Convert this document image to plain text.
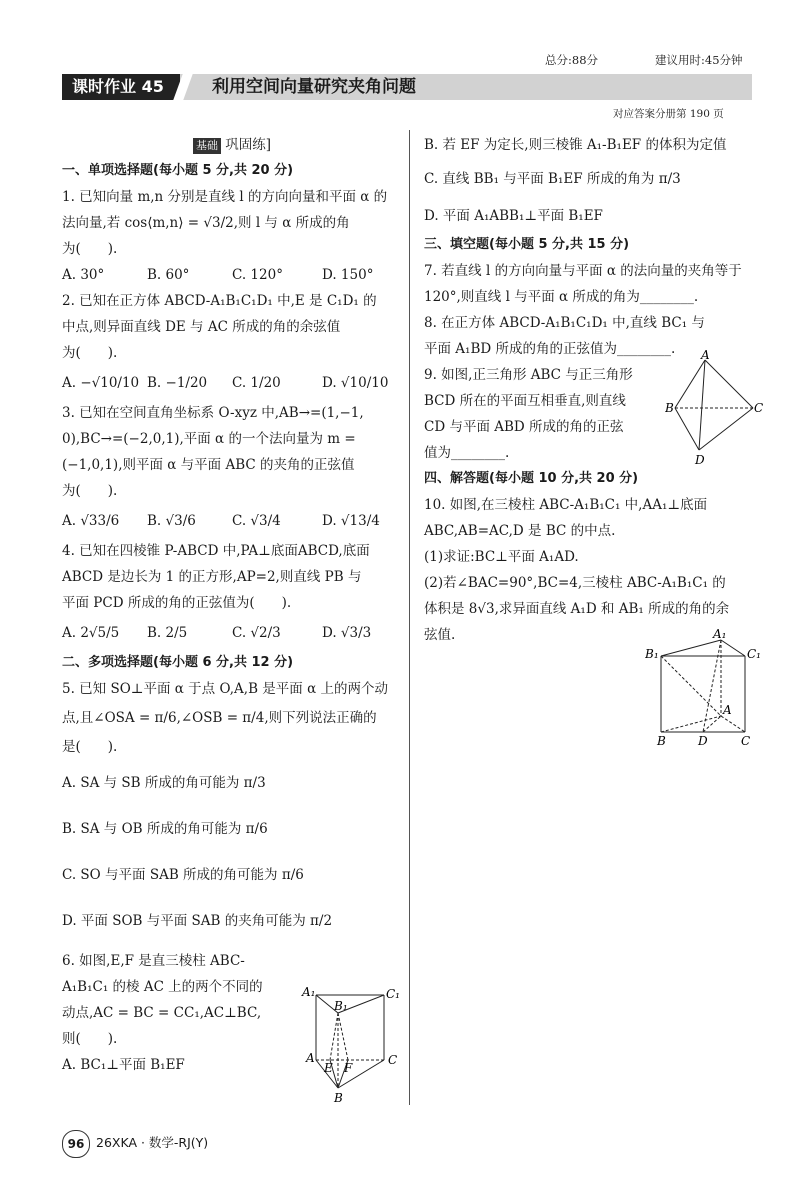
总分:88分	建议用时:45分钟
课时作业 45	利用空间向量研究夹角问题
对应答案分册第 190 页
基础 巩固练]
一、单项选择题(每小题 5 分,共 20 分)
1. 已知向量 m,n 分别是直线 l 的方向向量和平面 α 的
法向量,若 cos⟨m,n⟩ = √3/2,则 l 与 α 所成的角
为(　　).
A. 30°	B. 60°	C. 120°	D. 150°
2. 已知在正方体 ABCD-A₁B₁C₁D₁ 中,E 是 C₁D₁ 的
中点,则异面直线 DE 与 AC 所成的角的余弦值
为(　　).
A. −√10/10 B. −1/20 C. 1/20	D. √10/10
3. 已知在空间直角坐标系 O-xyz 中,AB→=(1,−1,
0),BC→=(−2,0,1),平面 α 的一个法向量为 m =
(−1,0,1),则平面 α 与平面 ABC 的夹角的正弦值
为(　　).
A. √33/6 B. √3/6	C. √3/4	D. √13/4
4. 已知在四棱锥 P-ABCD 中,PA⊥底面ABCD,底面
ABCD 是边长为 1 的正方形,AP=2,则直线 PB 与
平面 PCD 所成的角的正弦值为(　　).
A. 2√5/5 B. 2/5	C. √2/3	D. √3/3
二、多项选择题(每小题 6 分,共 12 分)
5. 已知 SO⊥平面 α 于点 O,A,B 是平面 α 上的两个动
点,且∠OSA = π/6,∠OSB = π/4,则下列说法正确的
是(　　).
A. SA 与 SB 所成的角可能为 π/3
B. SA 与 OB 所成的角可能为 π/6
C. SO 与平面 SAB 所成的角可能为 π/6
D. 平面 SOB 与平面 SAB 的夹角可能为 π/2
6. 如图,E,F 是直三棱柱 ABC-
A₁B₁C₁ 的棱 AC 上的两个不同的
动点,AC = BC = CC₁,AC⊥BC,
则(　　).
A. BC₁⊥平面 B₁EF
A₁	C₁
B₁
A
E F
C
B
B. 若 EF 为定长,则三棱锥 A₁-B₁EF 的体积为定值
C. 直线 BB₁ 与平面 B₁EF 所成的角为 π/3
D. 平面 A₁ABB₁⊥平面 B₁EF
三、填空题(每小题 5 分,共 15 分)
7. 若直线 l 的方向向量与平面 α 的法向量的夹角等于
120°,则直线 l 与平面 α 所成的角为________.
8. 在正方体 ABCD-A₁B₁C₁D₁ 中,直线 BC₁ 与
平面 A₁BD 所成的角的正弦值为________.
9. 如图,正三角形 ABC 与正三角形
BCD 所在的平面互相垂直,则直线
CD 与平面 ABD 所成的角的正弦
值为________.
四、解答题(每小题 10 分,共 20 分)
10. 如图,在三棱柱 ABC-A₁B₁C₁ 中,AA₁⊥底面
ABC,AB=AC,D 是 BC 的中点.
(1)求证:BC⊥平面 A₁AD.
(2)若∠BAC=90°,BC=4,三棱柱 ABC-A₁B₁C₁ 的
体积是 8√3,求异面直线 A₁D 和 AB₁ 所成的角的余
弦值.
A
B	C
D
A₁
B₁	C₁
A
B	D	C
96 26XKA · 数学-RJ(Y)
